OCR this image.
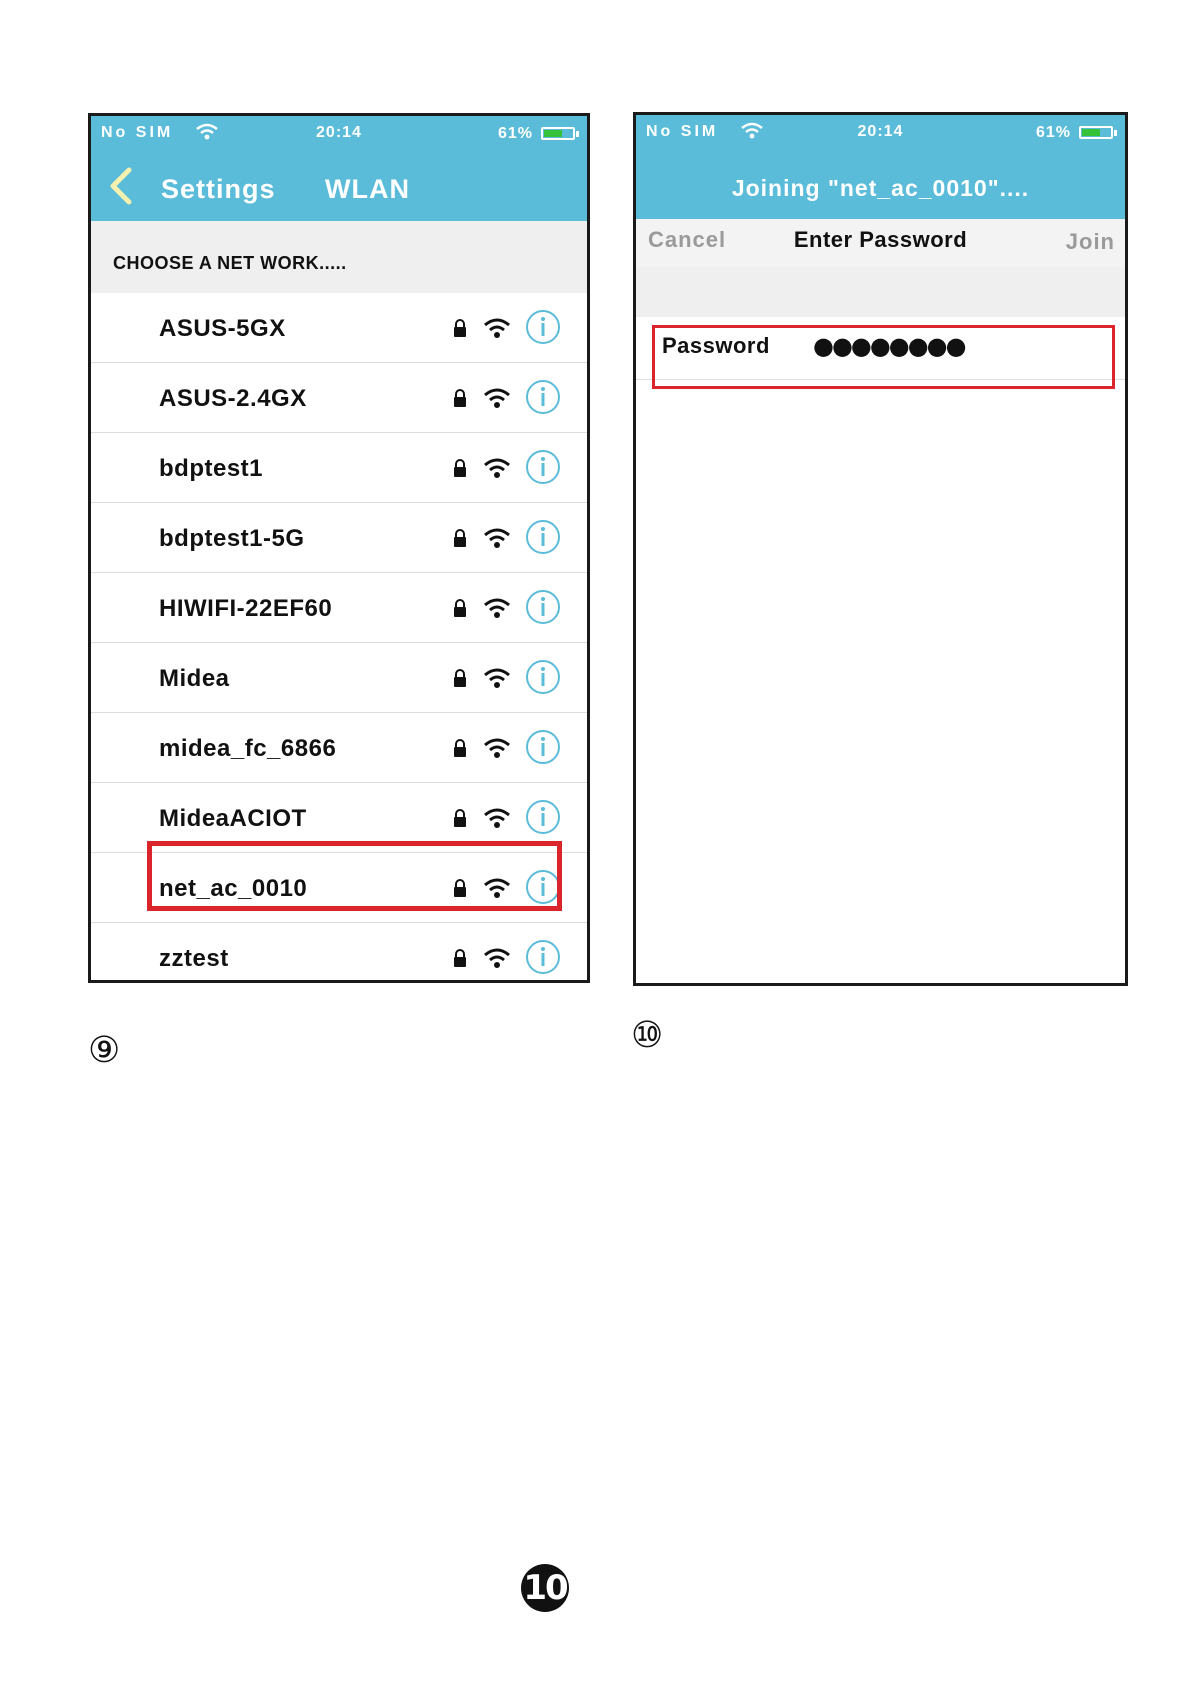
No SIM	20:14	61%
Settings WLAN
CHOOSE A NET WORK.....
ASUS-5GX
ASUS-2.4GX
bdptest1
bdptest1-5G
HIWIFI-22EF60
Midea
midea_fc_6866
MideaACIOT
net_ac_0010
zztest
No SIM	20:14	61%
Joining "net_ac_0010"....
Cancel	Enter Password	Join
Password
●●●●●●●●
⑨	⑩
10
